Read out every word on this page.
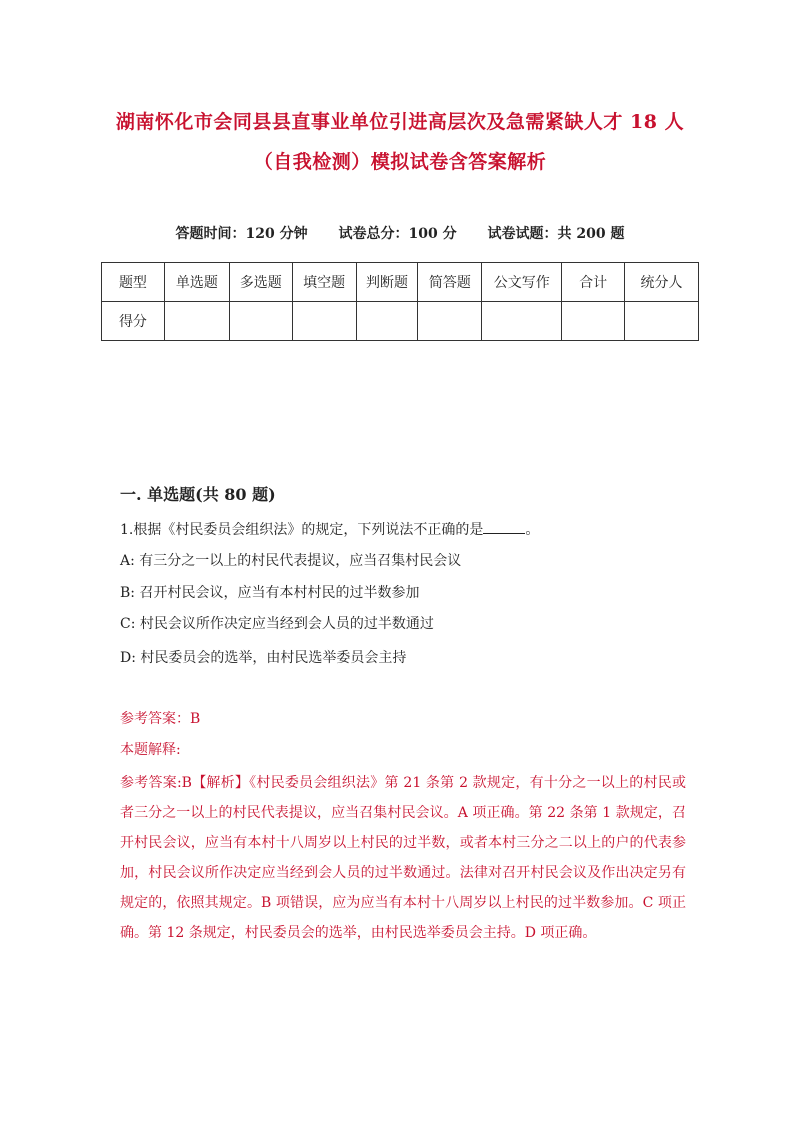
湖南怀化市会同县县直事业单位引进高层次及急需紧缺人才 18 人
（自我检测）模拟试卷含答案解析
答题时间：120 分钟 试卷总分：100 分 试卷试题：共 200 题
题型	单选题	多选题	填空题	判断题	简答题	公文写作	合计	统分人
得分								
一. 单选题(共 80 题)
1.根据《村民委员会组织法》的规定，下列说法不正确的是	。
A: 有三分之一以上的村民代表提议，应当召集村民会议
B: 召开村民会议，应当有本村村民的过半数参加
C: 村民会议所作决定应当经到会人员的过半数通过
D: 村民委员会的选举，由村民选举委员会主持
参考答案：B
本题解释:
参考答案:B【解析】《村民委员会组织法》第 21 条第 2 款规定，有十分之一以上的村民或者三分之一以上的村民代表提议，应当召集村民会议。A 项正确。第 22 条第 1 款规定，召开村民会议，应当有本村十八周岁以上村民的过半数，或者本村三分之二以上的户的代表参加，村民会议所作决定应当经到会人员的过半数通过。法律对召开村民会议及作出决定另有规定的，依照其规定。B 项错误，应为应当有本村十八周岁以上村民的过半数参加。C 项正确。第 12 条规定，村民委员会的选举，由村民选举委员会主持。D 项正确。
